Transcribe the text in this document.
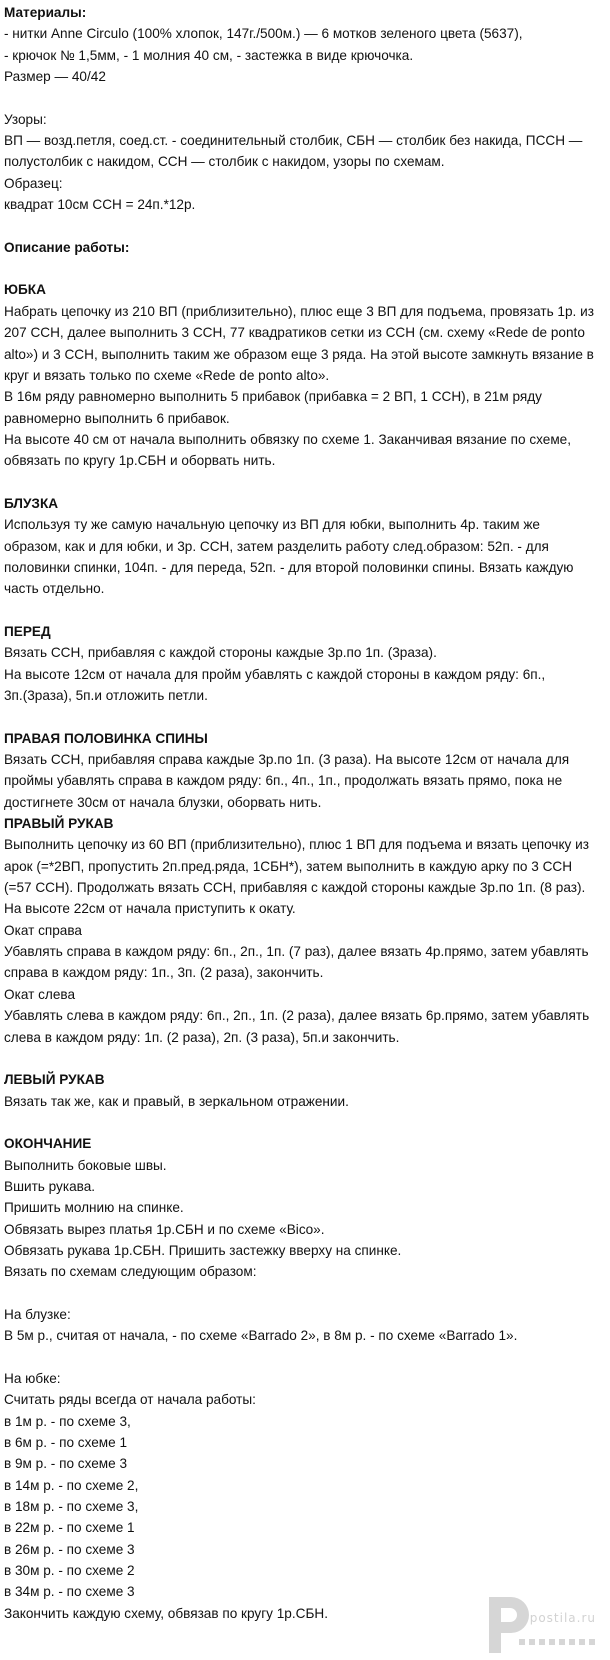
Материалы:
- нитки Anne Circulo (100% хлопок, 147г./500м.) — 6 мотков зеленого цвета (5637),
- крючок № 1,5мм, - 1 молния 40 см, - застежка в виде крючочка.
Размер — 40/42
Узоры:
ВП — возд.петля, соед.ст. - соединительный столбик, СБН — столбик без накида, ПССН —
полустолбик с накидом, ССН — столбик с накидом, узоры по схемам.
Образец:
квадрат 10см ССН = 24п.*12р.
Описание работы:
ЮБКА
Набрать цепочку из 210 ВП (приблизительно), плюс еще 3 ВП для подъема, провязать 1р. из
207 ССН, далее выполнить 3 ССН, 77 квадратиков сетки из ССН (см. схему «Rede de ponto
alto») и 3 ССН, выполнить таким же образом еще 3 ряда. На этой высоте замкнуть вязание в
круг и вязать только по схеме «Rede de ponto alto».
В 16м ряду равномерно выполнить 5 прибавок (прибавка = 2 ВП, 1 ССН), в 21м ряду
равномерно выполнить 6 прибавок.
На высоте 40 см от начала выполнить обвязку по схеме 1. Заканчивая вязание по схеме,
обвязать по кругу 1р.СБН и оборвать нить.
БЛУЗКА
Используя ту же самую начальную цепочку из ВП для юбки, выполнить 4р. таким же
образом, как и для юбки, и 3р. ССН, затем разделить работу след.образом: 52п. - для
половинки спинки, 104п. - для переда, 52п. - для второй половинки спины. Вязать каждую
часть отдельно.
ПЕРЕД
Вязать ССН, прибавляя с каждой стороны каждые 3р.по 1п. (3раза).
На высоте 12см от начала для пройм убавлять с каждой стороны в каждом ряду: 6п.,
3п.(3раза), 5п.и отложить петли.
ПРАВАЯ ПОЛОВИНКА СПИНЫ
Вязать ССН, прибавляя справа каждые 3р.по 1п. (3 раза). На высоте 12см от начала для
проймы убавлять справа в каждом ряду: 6п., 4п., 1п., продолжать вязать прямо, пока не
достигнете 30см от начала блузки, оборвать нить.
ПРАВЫЙ РУКАВ
Выполнить цепочку из 60 ВП (приблизительно), плюс 1 ВП для подъема и вязать цепочку из
арок (=*2ВП, пропустить 2п.пред.ряда, 1СБН*), затем выполнить в каждую арку по 3 ССН
(=57 ССН). Продолжать вязать ССН, прибавляя с каждой стороны каждые 3р.по 1п. (8 раз).
На высоте 22см от начала приступить к окату.
Окат справа
Убавлять справа в каждом ряду: 6п., 2п., 1п. (7 раз), далее вязать 4р.прямо, затем убавлять
справа в каждом ряду: 1п., 3п. (2 раза), закончить.
Окат слева
Убавлять слева в каждом ряду: 6п., 2п., 1п. (2 раза), далее вязать 6р.прямо, затем убавлять
слева в каждом ряду: 1п. (2 раза), 2п. (3 раза), 5п.и закончить.
ЛЕВЫЙ РУКАВ
Вязать так же, как и правый, в зеркальном отражении.
ОКОНЧАНИЕ
Выполнить боковые швы.
Вшить рукава.
Пришить молнию на спинке.
Обвязать вырез платья 1р.СБН и по схеме «Bico».
Обвязать рукава 1р.СБН. Пришить застежку вверху на спинке.
Вязать по схемам следующим образом:
На блузке:
В 5м р., считая от начала, - по схеме «Barrado 2», в 8м р. - по схеме «Barrado 1».
На юбке:
Считать ряды всегда от начала работы:
в 1м р. - по схеме 3,
в 6м р. - по схеме 1
в 9м р. - по схеме 3
в 14м р. - по схеме 2,
в 18м р. - по схеме 3,
в 22м р. - по схеме 1
в 26м р. - по схеме 3
в 30м р. - по схеме 2
в 34м р. - по схеме 3
Закончить каждую схему, обвязав по кругу 1р.СБН.	postila.ru
